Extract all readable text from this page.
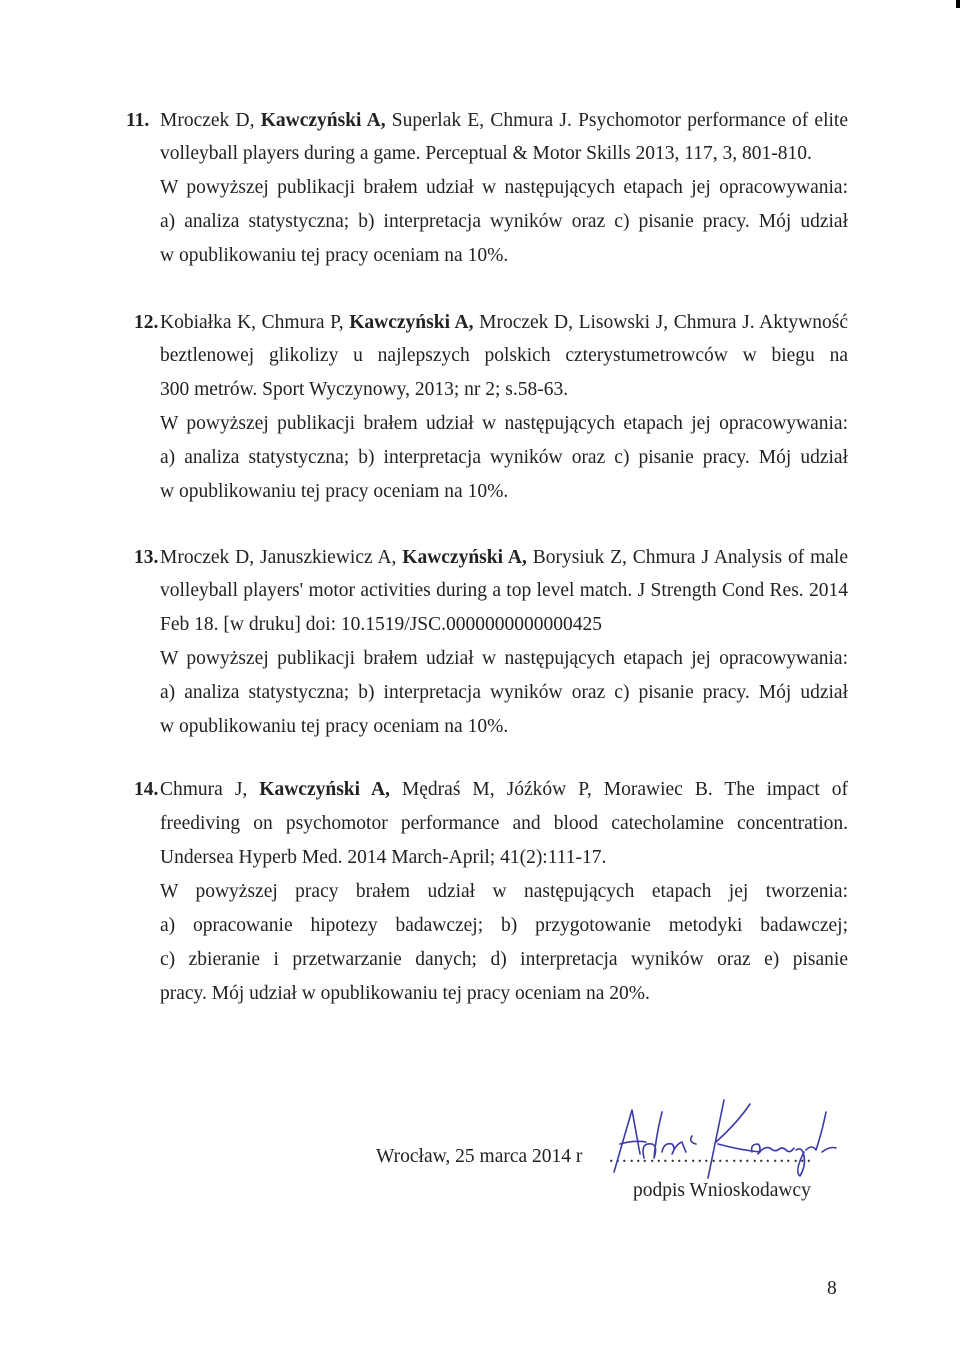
11. Mroczek D, Kawczyński A, Superlak E, Chmura J. Psychomotor performance of elite
volleyball players during a game. Perceptual & Motor Skills 2013, 117, 3, 801-810.
W powyższej publikacji brałem udział w następujących etapach jej opracowywania:
a) analiza statystyczna; b) interpretacja wyników oraz c) pisanie pracy. Mój udział
w opublikowaniu tej pracy oceniam na 10%.
12. Kobiałka K, Chmura P, Kawczyński A, Mroczek D, Lisowski J, Chmura J. Aktywność
beztlenowej glikolizy u najlepszych polskich czterystumetrowców w biegu na
300 metrów. Sport Wyczynowy, 2013; nr 2; s.58-63.
W powyższej publikacji brałem udział w następujących etapach jej opracowywania:
a) analiza statystyczna; b) interpretacja wyników oraz c) pisanie pracy. Mój udział
w opublikowaniu tej pracy oceniam na 10%.
13. Mroczek D, Januszkiewicz A, Kawczyński A, Borysiuk Z, Chmura J Analysis of male
volleyball players' motor activities during a top level match. J Strength Cond Res. 2014
Feb 18. [w druku] doi: 10.1519/JSC.0000000000000425
W powyższej publikacji brałem udział w następujących etapach jej opracowywania:
a) analiza statystyczna; b) interpretacja wyników oraz c) pisanie pracy. Mój udział
w opublikowaniu tej pracy oceniam na 10%.
14. Chmura J, Kawczyński A, Mędraś M, Jóźków P, Morawiec B. The impact of
freediving on psychomotor performance and blood catecholamine concentration.
Undersea Hyperb Med. 2014 March-April; 41(2):111-17.
W powyższej pracy brałem udział w następujących etapach jej tworzenia:
a) opracowanie hipotezy badawczej; b) przygotowanie metodyki badawczej;
c) zbieranie i przetwarzanie danych; d) interpretacja wyników oraz e) pisanie
pracy. Mój udział w opublikowaniu tej pracy oceniam na 20%.
Wrocław, 25 marca 2014 r …………………………
podpis Wnioskodawcy
8
